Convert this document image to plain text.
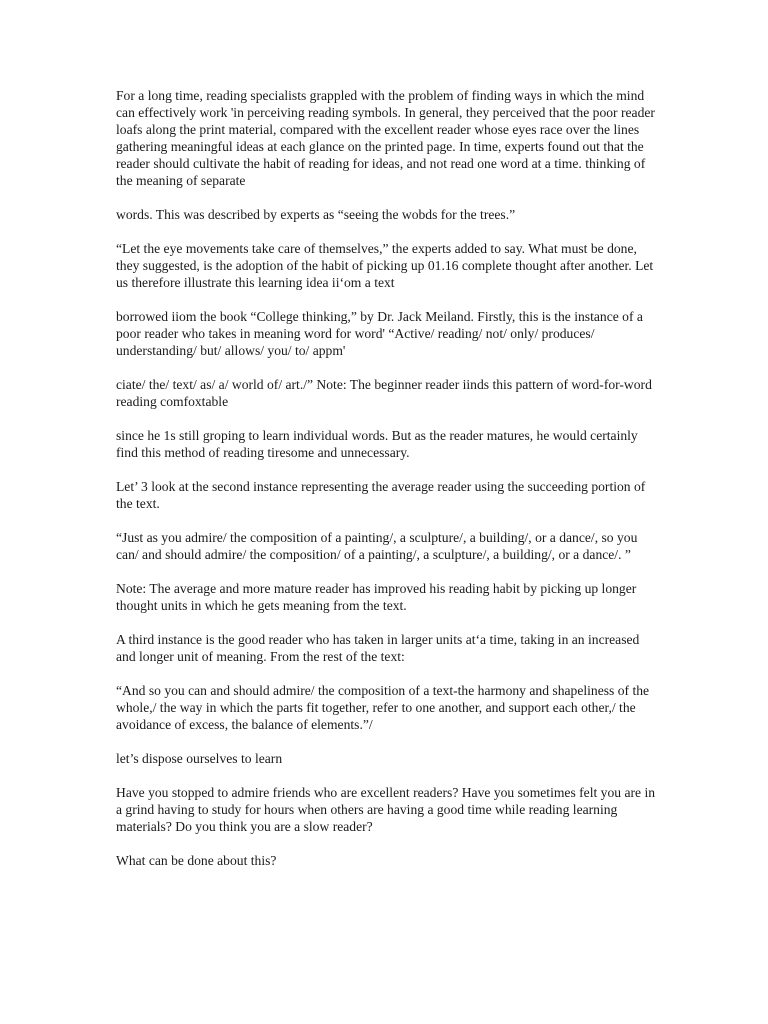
For a long time, reading specialists grappled with the problem of finding ways in which the mind can effectively work 'in perceiving reading symbols. In general, they perceived that the poor reader loafs along the print material, compared with the excellent reader whose eyes race over the lines gathering meaningful ideas at each glance on the printed page. In time, experts found out that the reader should cultivate the habit of reading for ideas, and not read one word at a time. thinking of the meaning of separate

words. This was described by experts as “seeing the wobds for the trees.”

“Let the eye movements take care of themselves,” the experts added to say. What must be done, they suggested, is the adoption of the habit of picking up 01.16 complete thought after another. Let us therefore illustrate this learning idea ii‘om a text

borrowed iiom the book “College thinking,” by Dr. Jack Meiland. Firstly, this is the instance of a poor reader who takes in meaning word for word' “Active/ reading/ not/ only/ produces/ understanding/ but/ allows/ you/ to/ appm'

ciate/ the/ text/ as/ a/ world of/ art./” Note: The beginner reader iinds this pattern of word-for-word reading comfoxtable

since he 1s still groping to learn individual words. But as the reader matures, he would certainly find this method of reading tiresome and unnecessary.

Let’ 3 look at the second instance representing the average reader using the succeeding portion of the text.

“Just as you admire/ the composition of a painting/, a sculpture/, a building/, or a dance/, so you can/ and should admire/ the composition/ of a painting/, a sculpture/, a building/, or a dance/. ”

Note: The average and more mature reader has improved his reading habit by picking up longer thought units in which he gets meaning from the text.

A third instance is the good reader who has taken in larger units at‘a time, taking in an increased and longer unit of meaning. From the rest of the text:

“And so you can and should admire/ the composition of a text-the harmony and shapeliness of the whole,/ the way in which the parts fit together, refer to one another, and support each other,/ the avoidance of excess, the balance of elements.”/

let’s dispose ourselves to learn

Have you stopped to admire friends who are excellent readers? Have you sometimes felt you are in a grind having to study for hours when others are having a good time while reading learning materials? Do you think you are a slow reader?

What can be done about this?
